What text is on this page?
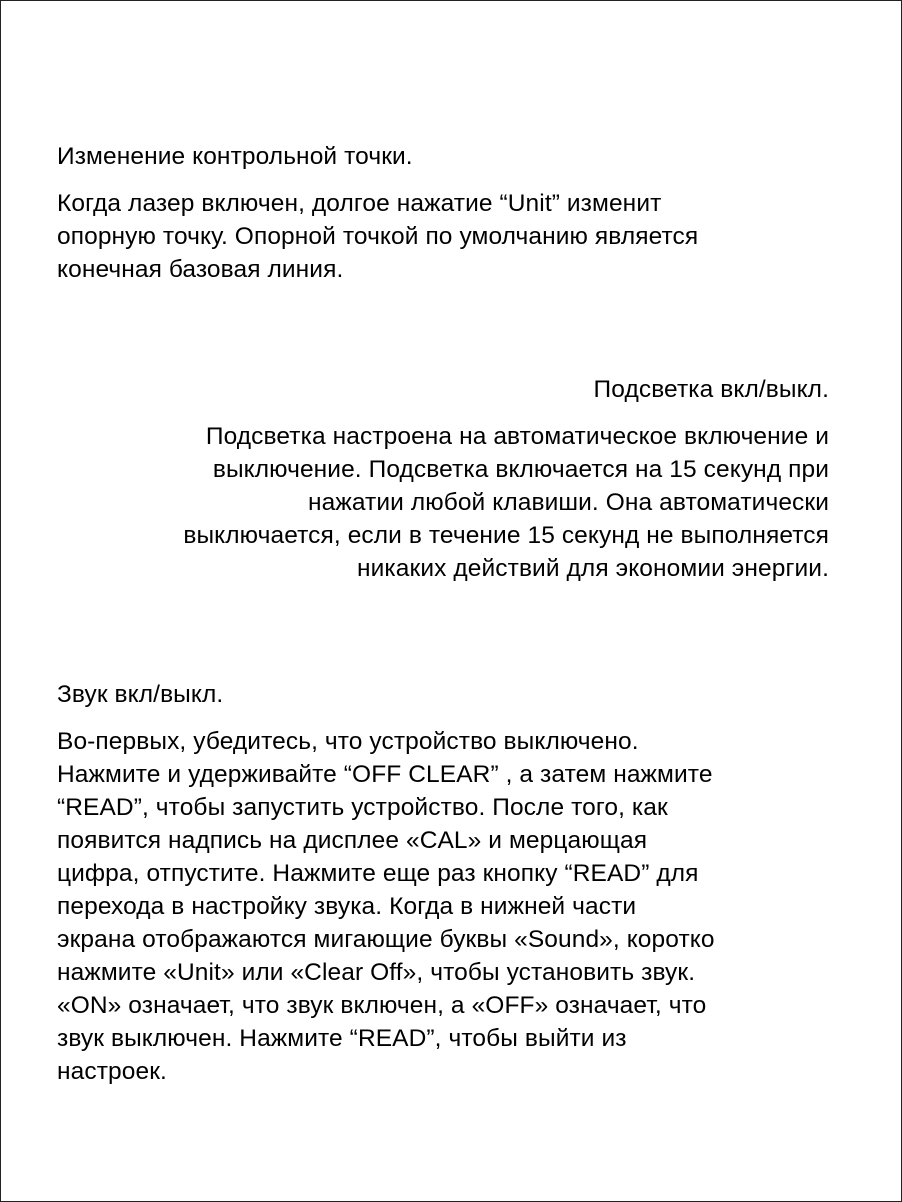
Изменение контрольной точки.

Когда лазер включен, долгое нажатие “Unit” изменит

опорную точку. Опорной точкой по умолчанию является

конечная базовая линия.

Подсветка вкл/выкл.

Подсветка настроена на автоматическое включение и

выключение. Подсветка включается на 15 секунд при

нажатии любой клавиши. Она автоматически

выключается, если в течение 15 секунд не выполняется

никаких действий для экономии энергии.

Звук вкл/выкл.

Во-первых, убедитесь, что устройство выключено.

Нажмите и удерживайте “OFF CLEAR” , а затем нажмите

“READ”, чтобы запустить устройство. После того, как

появится надпись на дисплее «CAL» и мерцающая

цифра, отпустите. Нажмите еще раз кнопку “READ” для

перехода в настройку звука. Когда в нижней части

экрана отображаются мигающие буквы «Sound», коротко

нажмите «Unit» или «Clear Off», чтобы установить звук.

«ON» означает, что звук включен, а «OFF» означает, что

звук выключен. Нажмите “READ”, чтобы выйти из

настроек.
